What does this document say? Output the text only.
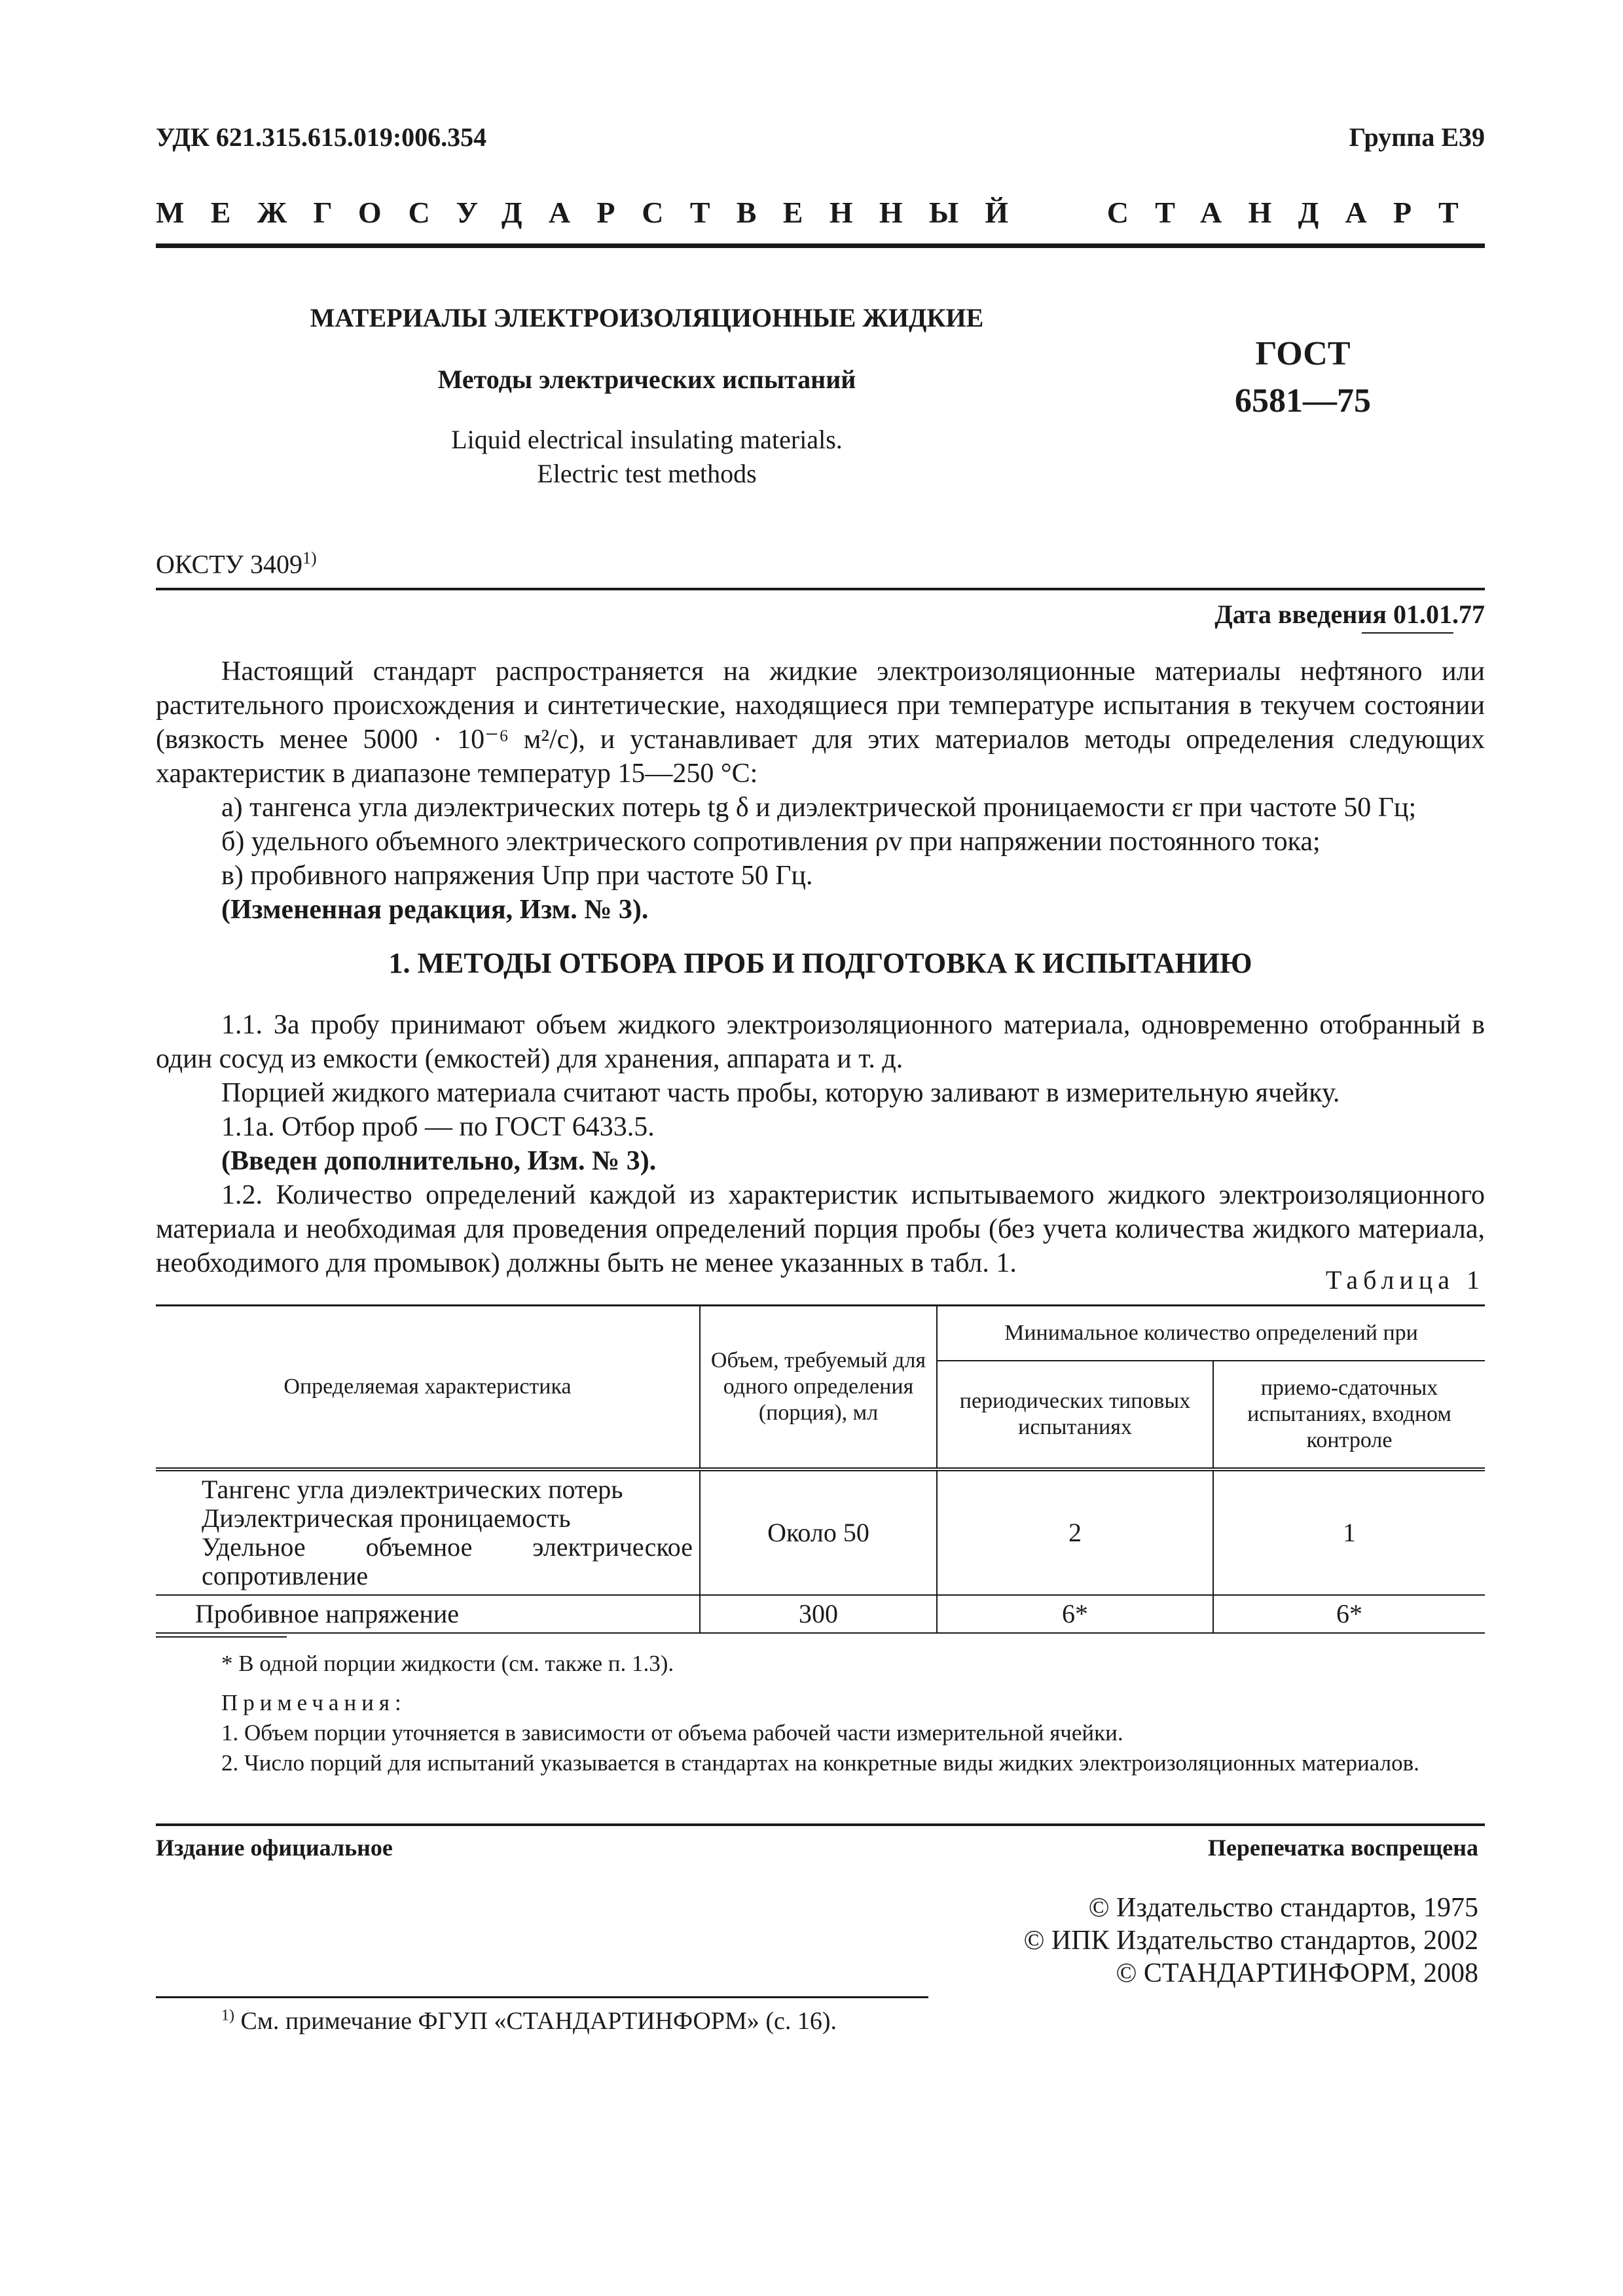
УДК 621.315.615.019:006.354	Группа Е39
МЕЖГОСУДАРСТВЕННЫЙ СТАНДАРТ
МАТЕРИАЛЫ ЭЛЕКТРОИЗОЛЯЦИОННЫЕ ЖИДКИЕ
Методы электрических испытаний
Liquid electrical insulating materials.
Electric test methods
ГОСТ
6581—75
ОКСТУ 3409$^{1)}$
Дата введения 01.01.77
Настоящий стандарт распространяется на жидкие электроизоляционные материалы нефтяного или растительного происхождения и синтетические, находящиеся при температуре испытания в текучем состоянии (вязкость менее 5000 · 10⁻⁶ м²/с), и устанавливает для этих материалов методы определения следующих характеристик в диапазоне температур 15—250 °С:
а) тангенса угла диэлектрических потерь tg δ и диэлектрической проницаемости εr при частоте 50 Гц;
б) удельного объемного электрического сопротивления ρv при напряжении постоянного тока;
в) пробивного напряжения Uпр при частоте 50 Гц.
(Измененная редакция, Изм. № 3).
1. МЕТОДЫ ОТБОРА ПРОБ И ПОДГОТОВКА К ИСПЫТАНИЮ
1.1. За пробу принимают объем жидкого электроизоляционного материала, одновременно отобранный в один сосуд из емкости (емкостей) для хранения, аппарата и т. д.
Порцией жидкого материала считают часть пробы, которую заливают в измерительную ячейку.
1.1а. Отбор проб — по ГОСТ 6433.5.
(Введен дополнительно, Изм. № 3).
1.2. Количество определений каждой из характеристик испытываемого жидкого электроизоляционного материала и необходимая для проведения определений порция пробы (без учета количества жидкого материала, необходимого для промывок) должны быть не менее указанных в табл. 1.
Таблица 1
Определяемая характеристика	Объем, требуемый для одного определения (порция), мл	Минимальное количество определений при	
		периодических типовых испытаниях	приемо-сдаточных испытаниях, входном контроле

Тангенс угла диэлектрических потерь
Диэлектрическая проницаемость
Удельное объемное электрическое сопротивление	Около 50	2	1
Пробивное напряжение	300	6*	6*
* В одной порции жидкости (см. также п. 1.3).
Примечания:
1. Объем порции уточняется в зависимости от объема рабочей части измерительной ячейки.
2. Число порций для испытаний указывается в стандартах на конкретные виды жидких электроизоляционных материалов.
Издание официальное	Перепечатка воспрещена
© Издательство стандартов, 1975
© ИПК Издательство стандартов, 2002
© СТАНДАРТИНФОРМ, 2008
$^{1)}$ См. примечание ФГУП «СТАНДАРТИНФОРМ» (с. 16).
